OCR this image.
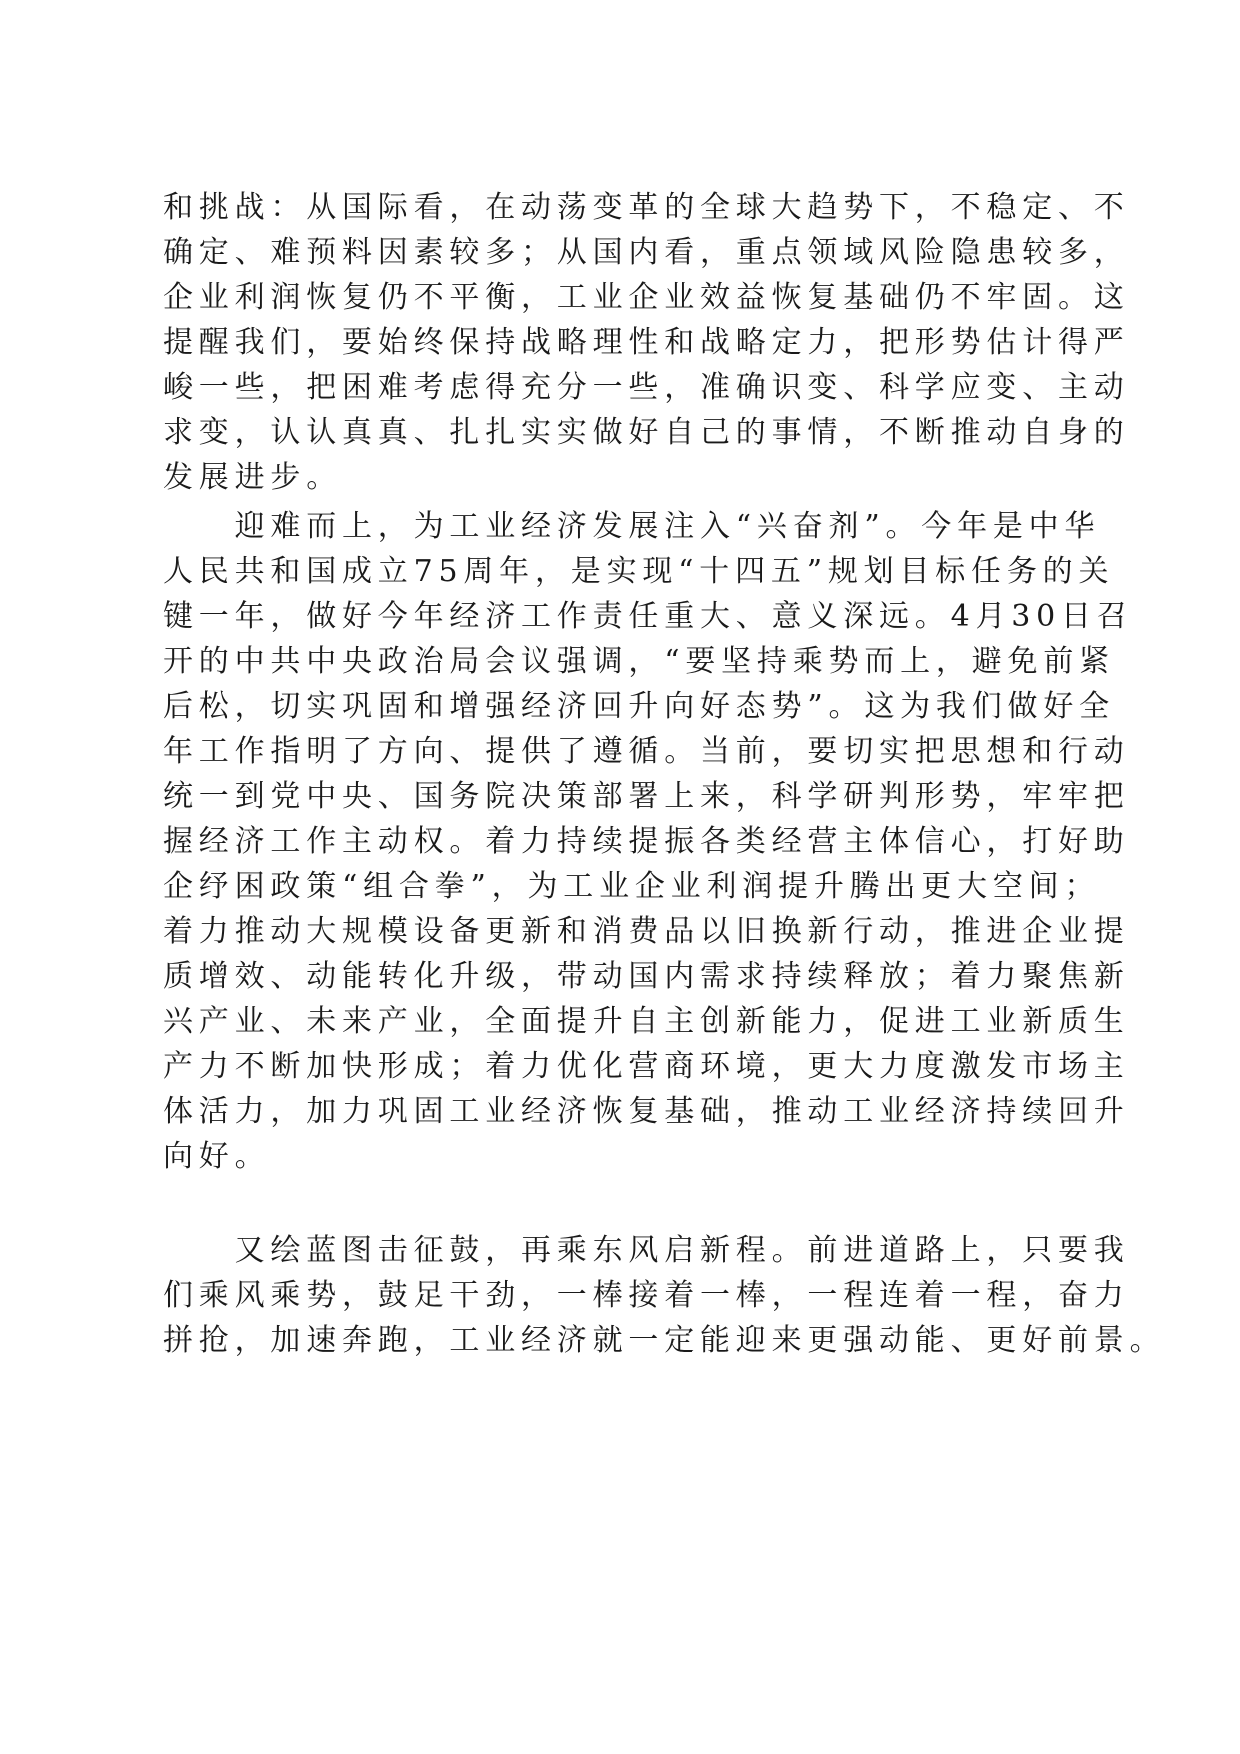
和挑战：从国际看，在动荡变革的全球大趋势下，不稳定、不
确定、难预料因素较多；从国内看，重点领域风险隐患较多，
企业利润恢复仍不平衡，工业企业效益恢复基础仍不牢固。这
提醒我们，要始终保持战略理性和战略定力，把形势估计得严
峻一些，把困难考虑得充分一些，准确识变、科学应变、主动
求变，认认真真、扎扎实实做好自己的事情，不断推动自身的
发展进步。
　　迎难而上，为工业经济发展注入“兴奋剂”。今年是中华
人民共和国成立75周年，是实现“十四五”规划目标任务的关
键一年，做好今年经济工作责任重大、意义深远。4月30日召
开的中共中央政治局会议强调，“要坚持乘势而上，避免前紧
后松，切实巩固和增强经济回升向好态势”。这为我们做好全
年工作指明了方向、提供了遵循。当前，要切实把思想和行动
统一到党中央、国务院决策部署上来，科学研判形势，牢牢把
握经济工作主动权。着力持续提振各类经营主体信心，打好助
企纾困政策“组合拳”，为工业企业利润提升腾出更大空间；
着力推动大规模设备更新和消费品以旧换新行动，推进企业提
质增效、动能转化升级，带动国内需求持续释放；着力聚焦新
兴产业、未来产业，全面提升自主创新能力，促进工业新质生
产力不断加快形成；着力优化营商环境，更大力度激发市场主
体活力，加力巩固工业经济恢复基础，推动工业经济持续回升
向好。
　　又绘蓝图击征鼓，再乘东风启新程。前进道路上，只要我
们乘风乘势，鼓足干劲，一棒接着一棒，一程连着一程，奋力
拼抢，加速奔跑，工业经济就一定能迎来更强动能、更好前景。
